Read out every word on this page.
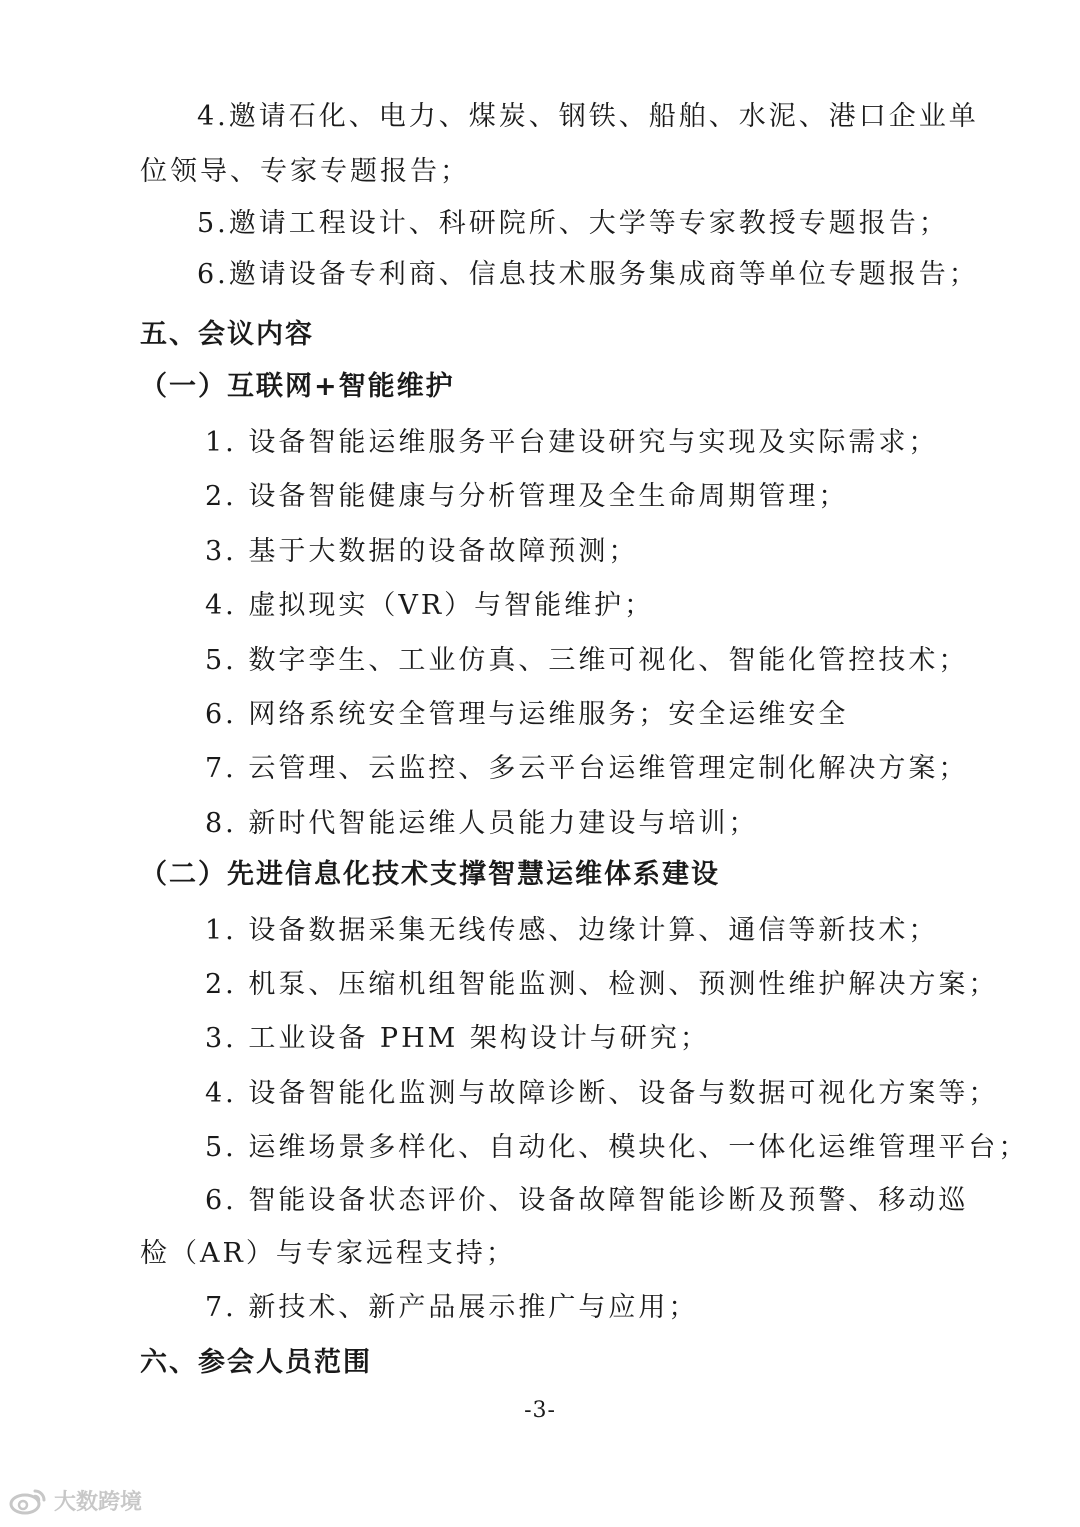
4.邀请石化、电力、煤炭、钢铁、船舶、水泥、港口企业单
位领导、专家专题报告；
5.邀请工程设计、科研院所、大学等专家教授专题报告；
6.邀请设备专利商、信息技术服务集成商等单位专题报告；
五、会议内容
（一）互联网+智能维护
1. 设备智能运维服务平台建设研究与实现及实际需求；
2. 设备智能健康与分析管理及全生命周期管理；
3. 基于大数据的设备故障预测；
4. 虚拟现实（VR）与智能维护；
5. 数字孪生、工业仿真、三维可视化、智能化管控技术；
6. 网络系统安全管理与运维服务；安全运维安全
7. 云管理、云监控、多云平台运维管理定制化解决方案；
8. 新时代智能运维人员能力建设与培训；
（二）先进信息化技术支撑智慧运维体系建设
1. 设备数据采集无线传感、边缘计算、通信等新技术；
2. 机泵、压缩机组智能监测、检测、预测性维护解决方案；
3. 工业设备 PHM 架构设计与研究；
4. 设备智能化监测与故障诊断、设备与数据可视化方案等；
5. 运维场景多样化、自动化、模块化、一体化运维管理平台；
6. 智能设备状态评价、设备故障智能诊断及预警、移动巡
检（AR）与专家远程支持；
7. 新技术、新产品展示推广与应用；
六、参会人员范围
-3-
大数跨境
